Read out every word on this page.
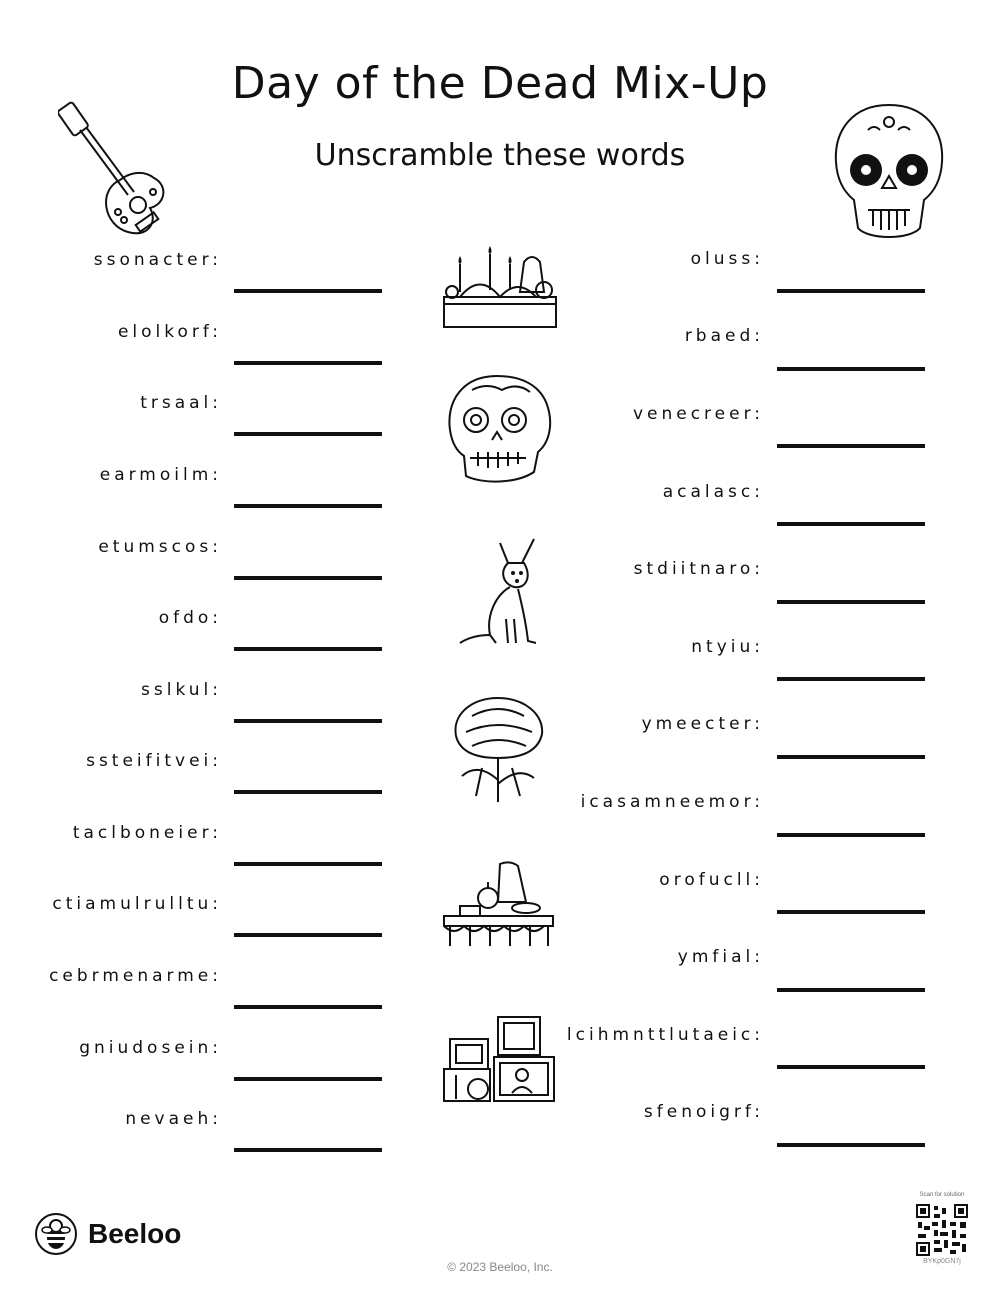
Day of the Dead Mix-Up
Unscramble these words
ssonacter:
elolkorf:
trsaal:
earmoilm:
etumscos:
ofdo:
sslkul:
ssteifitvei:
taclboneier:
ctiamulrulltu:
cebrmenarme:
gniudosein:
nevaeh:
oluss:
rbaed:
venecreer:
acalasc:
stdiitnaro:
ntyiu:
ymeecter:
icasamneemor:
orofucll:
ymfial:
lcihmnttlutaeic:
sfenoigrf:
Beeloo
© 2023 Beeloo, Inc.
Scan for solution
BYKp0GN7j
